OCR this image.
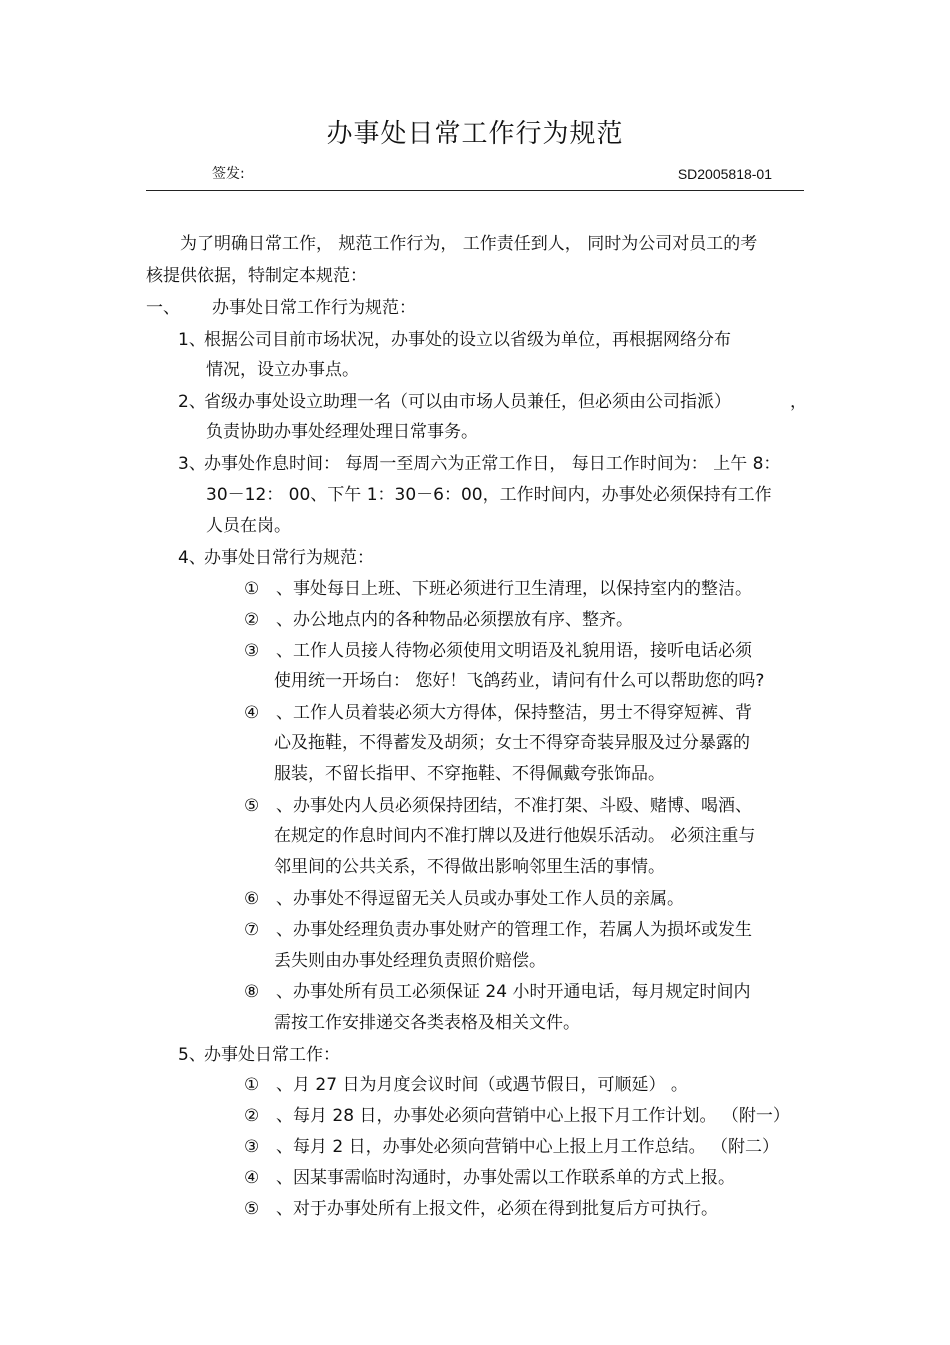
办事处日常工作行为规范
签发:	SD2005818-01
为了明确日常工作， 规范工作行为， 工作责任到人， 同时为公司对员工的考
核提供依据，特制定本规范：
一、 办事处日常工作行为规范：
1、根据公司目前市场状况，办事处的设立以省级为单位，再根据网络分布
情况，设立办事点。
2、省级办事处设立助理一名（可以由市场人员兼任，但必须由公司指派）	，
负责协助办事处经理处理日常事务。
3、办事处作息时间： 每周一至周六为正常工作日， 每日工作时间为： 上午 8：
30－12： 00、下午 1：30－6：00，工作时间内，办事处必须保持有工作
人员在岗。
4、办事处日常行为规范：
① 、事处每日上班、下班必须进行卫生清理，以保持室内的整洁。
② 、办公地点内的各种物品必须摆放有序、整齐。
③ 、工作人员接人待物必须使用文明语及礼貌用语，接听电话必须
使用统一开场白： 您好！飞鸽药业，请问有什么可以帮助您的吗?
④ 、工作人员着装必须大方得体，保持整洁，男士不得穿短裤、背
心及拖鞋，不得蓄发及胡须；女士不得穿奇装异服及过分暴露的
服装，不留长指甲、不穿拖鞋、不得佩戴夸张饰品。
⑤ 、办事处内人员必须保持团结，不准打架、斗殴、赌博、喝酒、
在规定的作息时间内不准打牌以及进行他娱乐活动。 必须注重与
邻里间的公共关系，不得做出影响邻里生活的事情。
⑥ 、办事处不得逗留无关人员或办事处工作人员的亲属。
⑦ 、办事处经理负责办事处财产的管理工作，若属人为损坏或发生
丢失则由办事处经理负责照价赔偿。
⑧ 、办事处所有员工必须保证 24 小时开通电话，每月规定时间内
需按工作安排递交各类表格及相关文件。
5、办事处日常工作：
① 、月 27 日为月度会议时间（或遇节假日，可顺延） 。
② 、每月 28 日，办事处必须向营销中心上报下月工作计划。 （附一）
③ 、每月 2 日，办事处必须向营销中心上报上月工作总结。 （附二）
④ 、因某事需临时沟通时，办事处需以工作联系单的方式上报。
⑤ 、对于办事处所有上报文件，必须在得到批复后方可执行。
